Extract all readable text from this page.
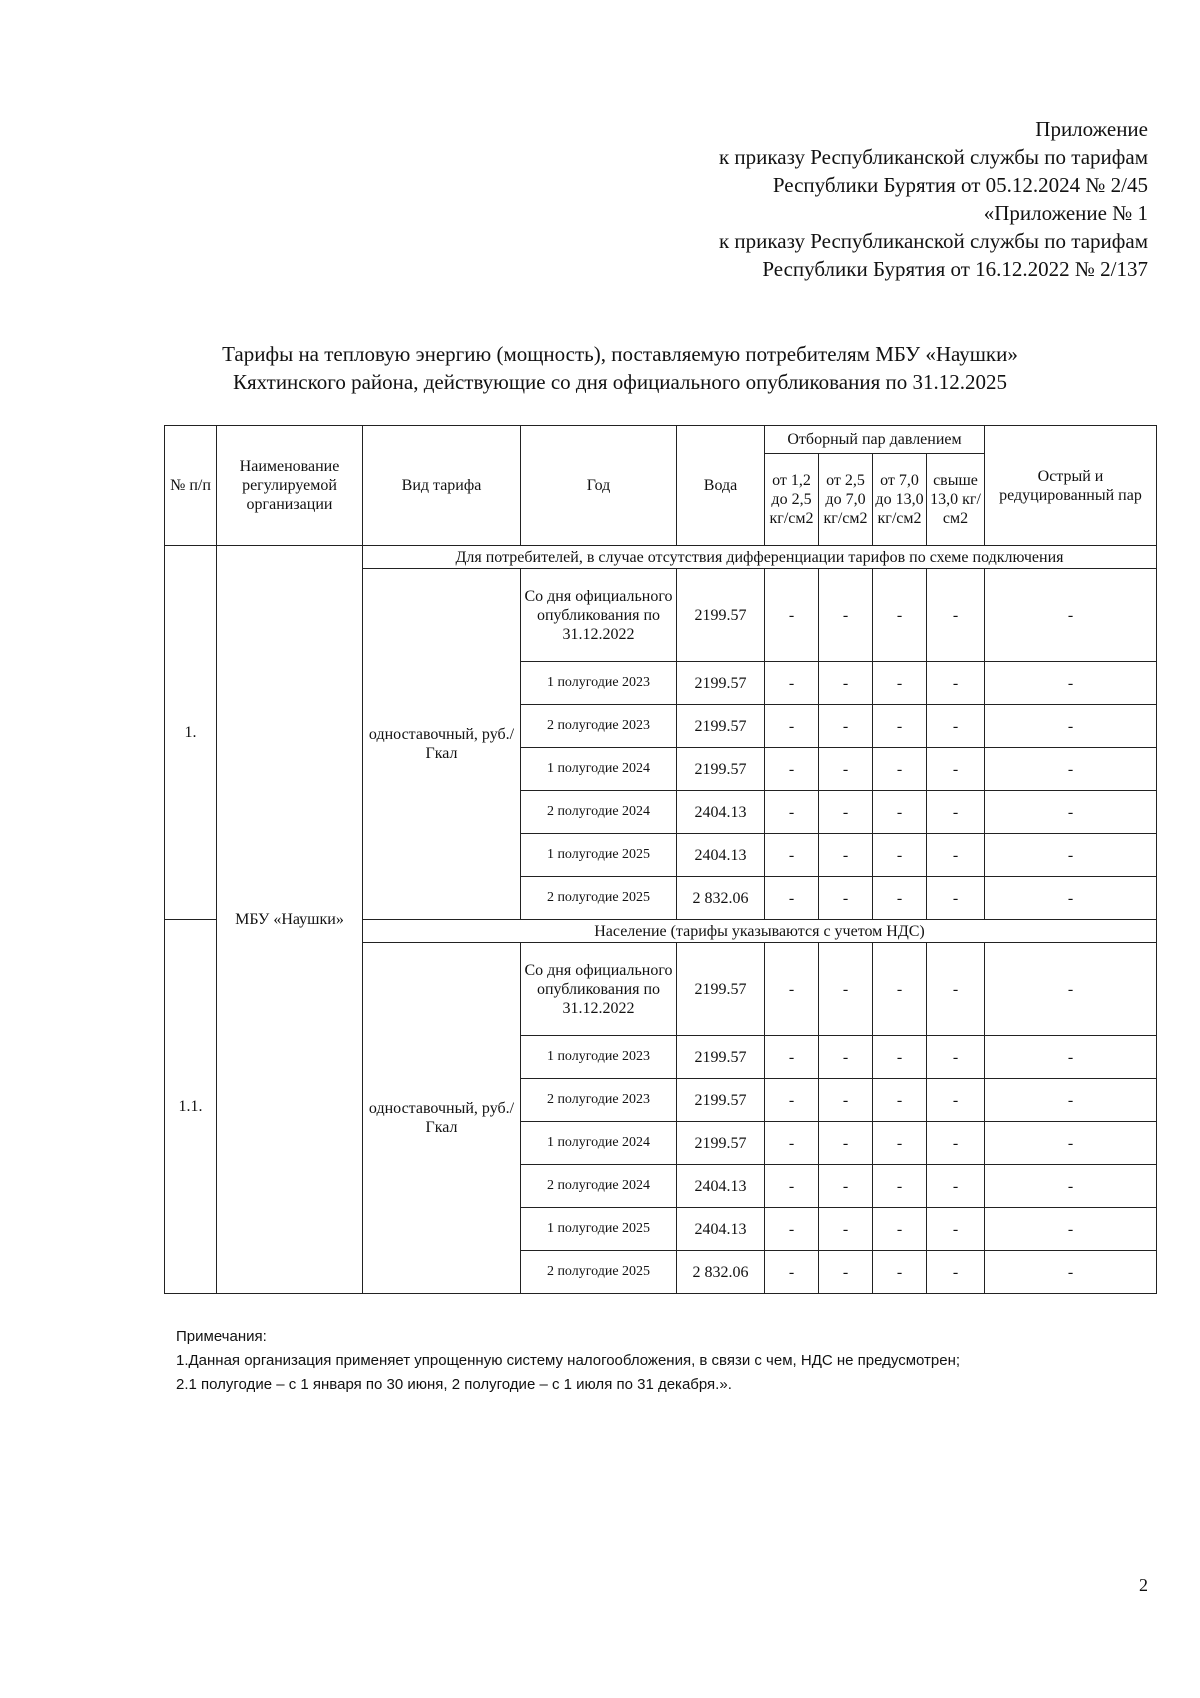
Приложение
к приказу Республиканской службы по тарифам
Республики Бурятия от 05.12.2024 № 2/45
«Приложение № 1
к приказу Республиканской службы по тарифам
Республики Бурятия от 16.12.2022 № 2/137
Тарифы на тепловую энергию (мощность), поставляемую потребителям МБУ «Наушки»
Кяхтинского района, действующие со дня официального опубликования по 31.12.2025
№ п/п	Наименование регулируемой организации	Вид тарифа	Год	Вода	Отборный пар давлением				Острый и редуцированный пар
					от 1,2 до 2,5 кг/см2	от 2,5 до 7,0 кг/см2	от 7,0 до 13,0 кг/см2	свыше 13,0 кг/см2	
1.	МБУ «Наушки»	Для потребителей, в случае отсутствия дифференциации тарифов по схеме подключения							
		одноставочный, руб./Гкал	Со дня официального опубликования по 31.12.2022	2199.57	-	-	-	-	-
			1 полугодие 2023	2199.57	-	-	-	-	-
			2 полугодие 2023	2199.57	-	-	-	-	-
			1 полугодие 2024	2199.57	-	-	-	-	-
			2 полугодие 2024	2404.13	-	-	-	-	-
			1 полугодие 2025	2404.13	-	-	-	-	-
			2 полугодие 2025	2 832.06	-	-	-	-	-
1.1.		Население (тарифы указываются с учетом НДС)							
		одноставочный, руб./Гкал	Со дня официального опубликования по 31.12.2022	2199.57	-	-	-	-	-
			1 полугодие 2023	2199.57	-	-	-	-	-
			2 полугодие 2023	2199.57	-	-	-	-	-
			1 полугодие 2024	2199.57	-	-	-	-	-
			2 полугодие 2024	2404.13	-	-	-	-	-
			1 полугодие 2025	2404.13	-	-	-	-	-
			2 полугодие 2025	2 832.06	-	-	-	-	-
Примечания:
1.Данная организация применяет упрощенную систему налогообложения, в связи с чем, НДС не предусмотрен;
2.1 полугодие – с 1 января по 30 июня, 2 полугодие – с 1 июля по 31 декабря.».
2
